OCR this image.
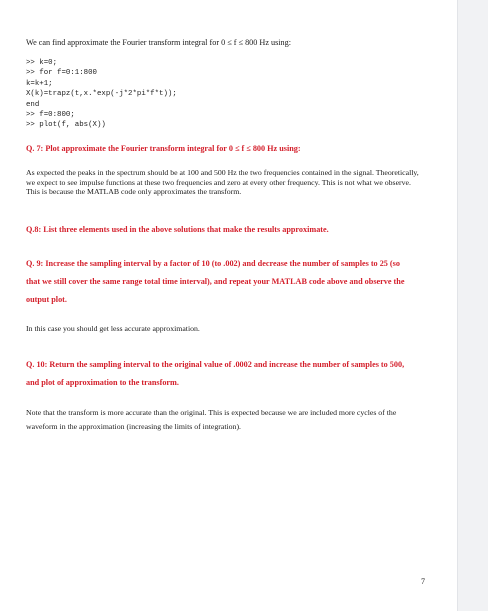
We can find approximate the Fourier transform integral for 0 ≤ f ≤ 800 Hz using:
>> k=0;
>> for f=0:1:800
k=k+1;
X(k)=trapz(t,x.*exp(-j*2*pi*f*t));
end
>> f=0:800;
>> plot(f, abs(X))
Q. 7: Plot approximate the Fourier transform integral for 0 ≤ f ≤ 800 Hz using:
As expected the peaks in the spectrum should be at 100 and 500 Hz the two frequencies contained in the signal. Theoretically, we expect to see impulse functions at these two frequencies and zero at every other frequency. This is not what we observe. This is because the MATLAB code only approximates the transform.
Q.8: List three elements used in the above solutions that make the results approximate.
Q. 9: Increase the sampling interval by a factor of 10 (to .002) and decrease the number of samples to 25 (so that we still cover the same range total time interval), and repeat your MATLAB code above and observe the output plot.
In this case you should get less accurate approximation.
Q. 10: Return the sampling interval to the original value of .0002 and increase the number of samples to 500, and plot of approximation to the transform.
Note that the transform is more accurate than the original. This is expected because we are included more cycles of the waveform in the approximation (increasing the limits of integration).
7
